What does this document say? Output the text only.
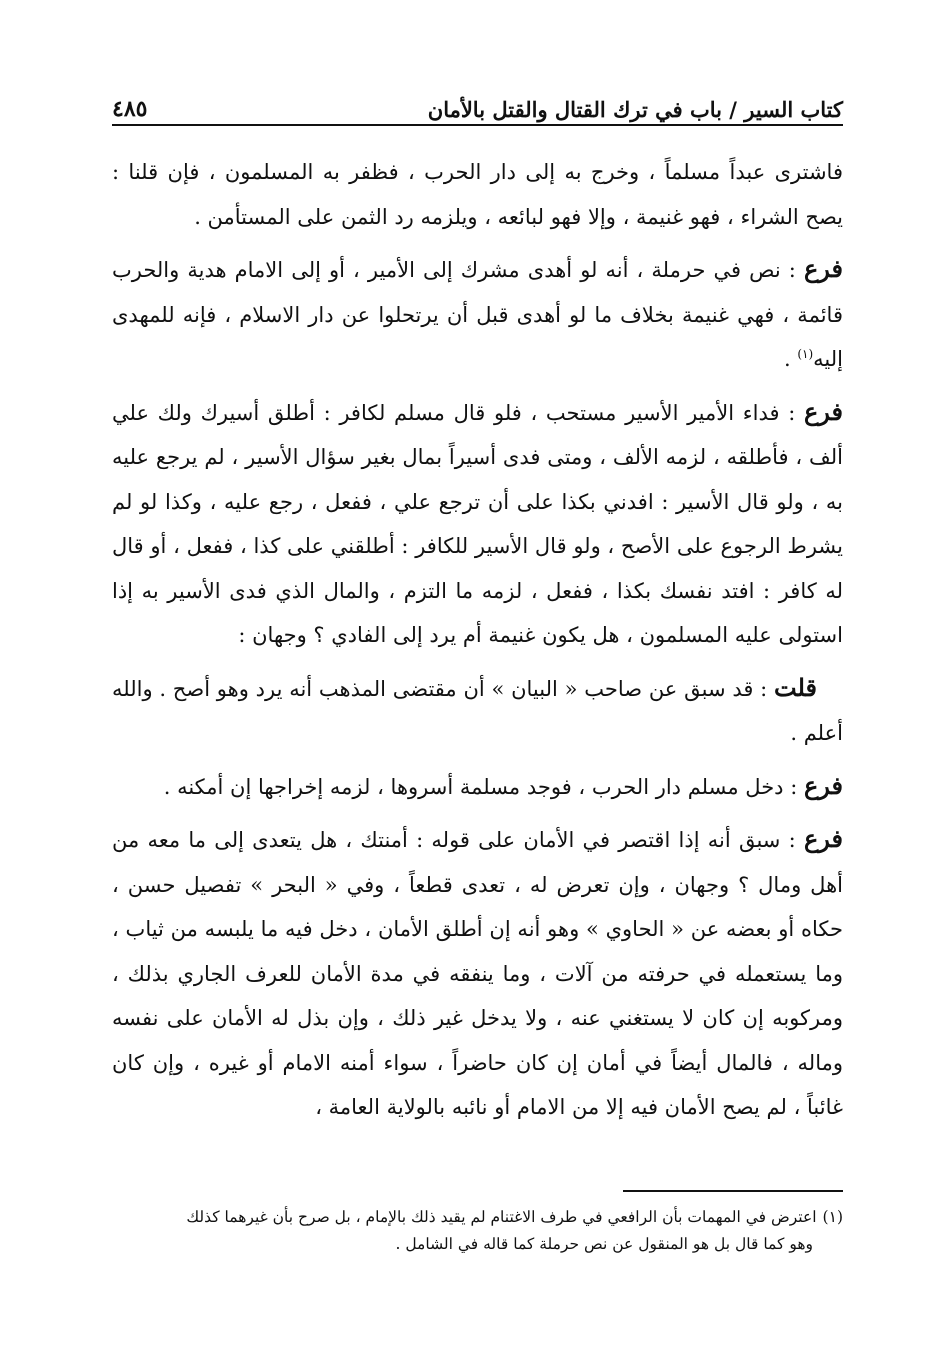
كتاب السير / باب في ترك القتال والقتل بالأمان
٤٨٥

فاشترى عبداً مسلماً ، وخرج به إلى دار الحرب ، فظفر به المسلمون ، فإن قلنا : يصح الشراء ، فهو غنيمة ، وإلا فهو لبائعه ، ويلزمه رد الثمن على المستأمن .

فرع : نص في حرملة ، أنه لو أهدى مشرك إلى الأمير ، أو إلى الامام هدية والحرب قائمة ، فهي غنيمة بخلاف ما لو أهدى قبل أن يرتحلوا عن دار الاسلام ، فإنه للمهدى إليه$^{(١)}$ .

فرع : فداء الأمير الأسير مستحب ، فلو قال مسلم لكافر : أطلق أسيرك ولك علي ألف ، فأطلقه ، لزمه الألف ، ومتى فدى أسيراً بمال بغير سؤال الأسير ، لم يرجع عليه به ، ولو قال الأسير : افدني بكذا على أن ترجع علي ، ففعل ، رجع عليه ، وكذا لو لم يشرط الرجوع على الأصح ، ولو قال الأسير للكافر : أطلقني على كذا ، ففعل ، أو قال له كافر : افتد نفسك بكذا ، ففعل ، لزمه ما التزم ، والمال الذي فدى الأسير به إذا استولى عليه المسلمون ، هل يكون غنيمة أم يرد إلى الفادي ؟ وجهان :

قلت : قد سبق عن صاحب « البيان » أن مقتضى المذهب أنه يرد وهو أصح . والله أعلم .

فرع : دخل مسلم دار الحرب ، فوجد مسلمة أسروها ، لزمه إخراجها إن أمكنه .

فرع : سبق أنه إذا اقتصر في الأمان على قوله : أمنتك ، هل يتعدى إلى ما معه من أهل ومال ؟ وجهان ، وإن تعرض له ، تعدى قطعاً ، وفي « البحر » تفصيل حسن ، حكاه أو بعضه عن « الحاوي » وهو أنه إن أطلق الأمان ، دخل فيه ما يلبسه من ثياب ، وما يستعمله في حرفته من آلات ، وما ينفقه في مدة الأمان للعرف الجاري بذلك ، ومركوبه إن كان لا يستغني عنه ، ولا يدخل غير ذلك ، وإن بذل له الأمان على نفسه وماله ، فالمال أيضاً في أمان إن كان حاضراً ، سواء أمنه الامام أو غيره ، وإن كان غائباً ، لم يصح الأمان فيه إلا من الامام أو نائبه بالولاية العامة ،

(١)اعترض في المهمات بأن الرافعي في طرف الاغتنام لم يقيد ذلك بالإمام ، بل صرح بأن غيرهما كذلك
وهو كما قال بل هو المنقول عن نص حرملة كما قاله في الشامل .
